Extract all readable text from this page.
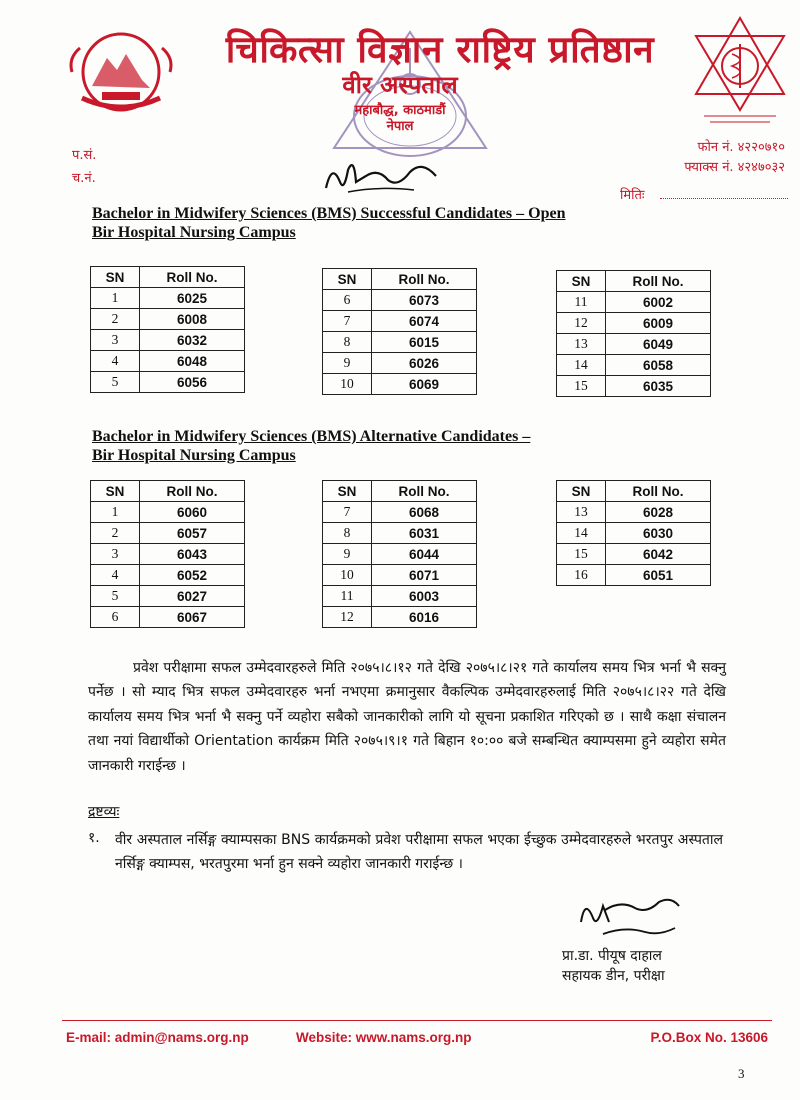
चिकित्सा विज्ञान राष्ट्रिय प्रतिष्ठान
वीर अस्पताल
महाबौद्ध, काठमाडौं
नेपाल
प.सं.
च.नं.
फोन नं. ४२२०७१०
फ्याक्स नं. ४२४७०३२
मितिः
Bachelor in Midwifery Sciences (BMS) Successful Candidates – Open
Bir Hospital Nursing Campus
SN	Roll No.
1	6025
2	6008
3	6032
4	6048
5	6056
SN	Roll No.
6	6073
7	6074
8	6015
9	6026
10	6069
SN	Roll No.
11	6002
12	6009
13	6049
14	6058
15	6035
Bachelor in Midwifery Sciences (BMS) Alternative Candidates –
Bir Hospital Nursing Campus
SN	Roll No.
1	6060
2	6057
3	6043
4	6052
5	6027
6	6067
SN	Roll No.
7	6068
8	6031
9	6044
10	6071
11	6003
12	6016
SN	Roll No.
13	6028
14	6030
15	6042
16	6051
प्रवेश परीक्षामा सफल उम्मेदवारहरुले मिति २०७५।८।१२ गते देखि २०७५।८।२१ गते कार्यालय समय भित्र भर्ना भै सक्नु पर्नेछ । सो म्याद भित्र सफल उम्मेदवारहरु भर्ना नभएमा क्रमानुसार वैकल्पिक उम्मेदवारहरुलाई मिति २०७५।८।२२ गते देखि कार्यालय समय भित्र भर्ना भै सक्नु पर्ने व्यहोरा सबैको जानकारीको लागि यो सूचना प्रकाशित गरिएको छ । साथै कक्षा संचालन तथा नयां विद्यार्थीको Orientation कार्यक्रम मिति २०७५।९।१ गते बिहान १०:०० बजे सम्बन्धित क्याम्पसमा हुने व्यहोरा समेत जानकारी गराईन्छ ।
द्रष्टव्यः
१. वीर अस्पताल नर्सिङ्ग क्याम्पसका BNS कार्यक्रमको प्रवेश परीक्षामा सफल भएका ईच्छुक उम्मेदवारहरुले भरतपुर अस्पताल नर्सिङ्ग क्याम्पस, भरतपुरमा भर्ना हुन सक्ने व्यहोरा जानकारी गराईन्छ ।
प्रा.डा. पीयूष दाहाल
सहायक डीन, परीक्षा
E-mail: admin@nams.org.np	Website: www.nams.org.np	P.O.Box No. 13606
3
